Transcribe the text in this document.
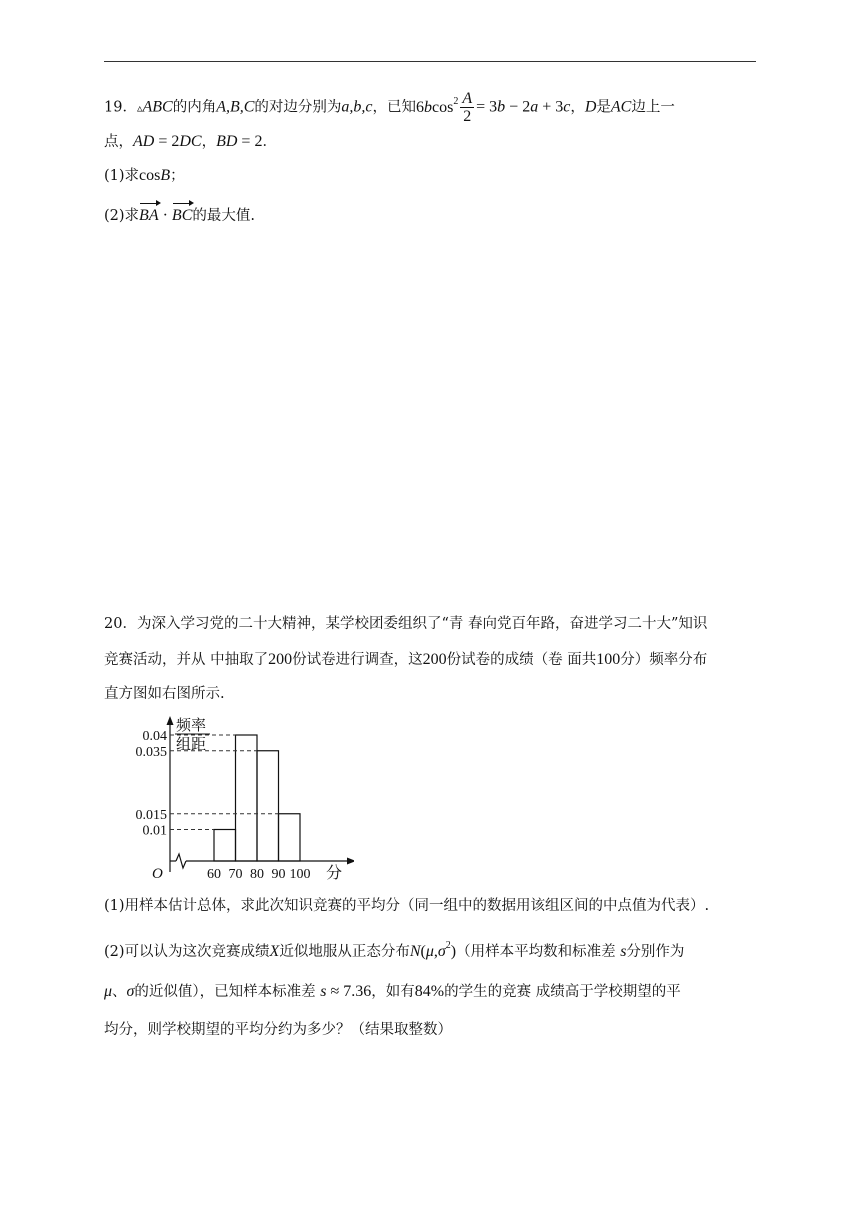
19．▵ABC的内角A,B,C的对边分别为a,b,c，已知$6bcos^2 \frac{A}{2} = 3b - 2a + 3c$，D是AC边上一
点，AD = 2DC，BD = 2．
(1)求cosB；
(2)求BA · BC的最大值.
20．为深入学习党的二十大精神，某学校团委组织了“青 春向党百年路，奋进学习二十大”知识
竞赛活动，并从 中抽取了200份试卷进行调查，这200份试卷的成绩（卷 面共100分）频率分布
直方图如右图所示.
频率
组距
O	分
0.04
0.035
0.015
0.01
60 70 80 90 100
(1)用样本估计总体，求此次知识竞赛的平均分（同一组中的数据用该组区间的中点值为代表）.
(2)可以认为这次竞赛成绩X近似地服从正态分布$N(\mu,\sigma^2)$（用样本平均数和标准差 s分别作为
μ、σ的近似值），已知样本标准差 s ≈ 7.36，如有84%的学生的竞赛 成绩高于学校期望的平
均分，则学校期望的平均分约为多少？（结果取整数）
